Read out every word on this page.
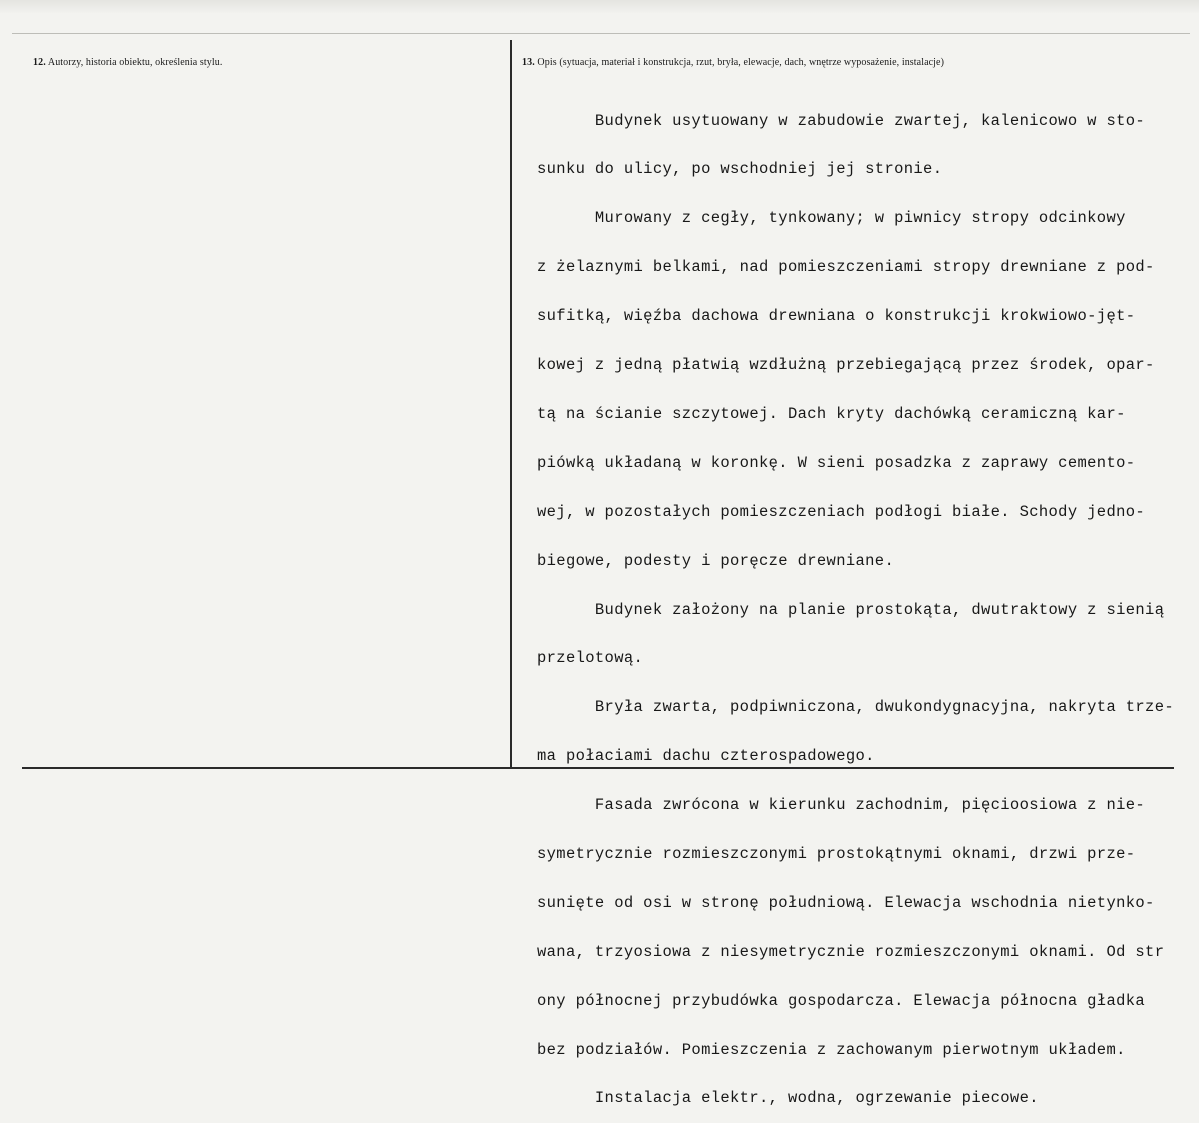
12. Autorzy, historia obiektu, określenia stylu.	13. Opis (sytuacja, materiał i konstrukcja, rzut, bryła, elewacje, dach, wnętrze wyposażenie, instalacje)

Budynek usytuowany w zabudowie zwartej, kalenicowo w sto-

sunku do ulicy, po wschodniej jej stronie.

Murowany z cegły, tynkowany; w piwnicy stropy odcinkowy

z żelaznymi belkami, nad pomieszczeniami stropy drewniane z pod-

sufitką, więźba dachowa drewniana o konstrukcji krokwiowo-jęt-

kowej z jedną płatwią wzdłużną przebiegającą przez środek, opar-

tą na ścianie szczytowej. Dach kryty dachówką ceramiczną kar-

piówką układaną w koronkę. W sieni posadzka z zaprawy cemento-

wej, w pozostałych pomieszczeniach podłogi białe. Schody jedno-

biegowe, podesty i poręcze drewniane.

Budynek założony na planie prostokąta, dwutraktowy z sienią

przelotową.

Bryła zwarta, podpiwniczona, dwukondygnacyjna, nakryta trze-

ma połaciami dachu czterospadowego.

Fasada zwrócona w kierunku zachodnim, pięcioosiowa z nie-

symetrycznie rozmieszczonymi prostokątnymi oknami, drzwi prze-

sunięte od osi w stronę południową. Elewacja wschodnia nietynko-

wana, trzyosiowa z niesymetrycznie rozmieszczonymi oknami. Od str

ony północnej przybudówka gospodarcza. Elewacja północna gładka

bez podziałów. Pomieszczenia z zachowanym pierwotnym układem.

Instalacja elektr., wodna, ogrzewanie piecowe.
